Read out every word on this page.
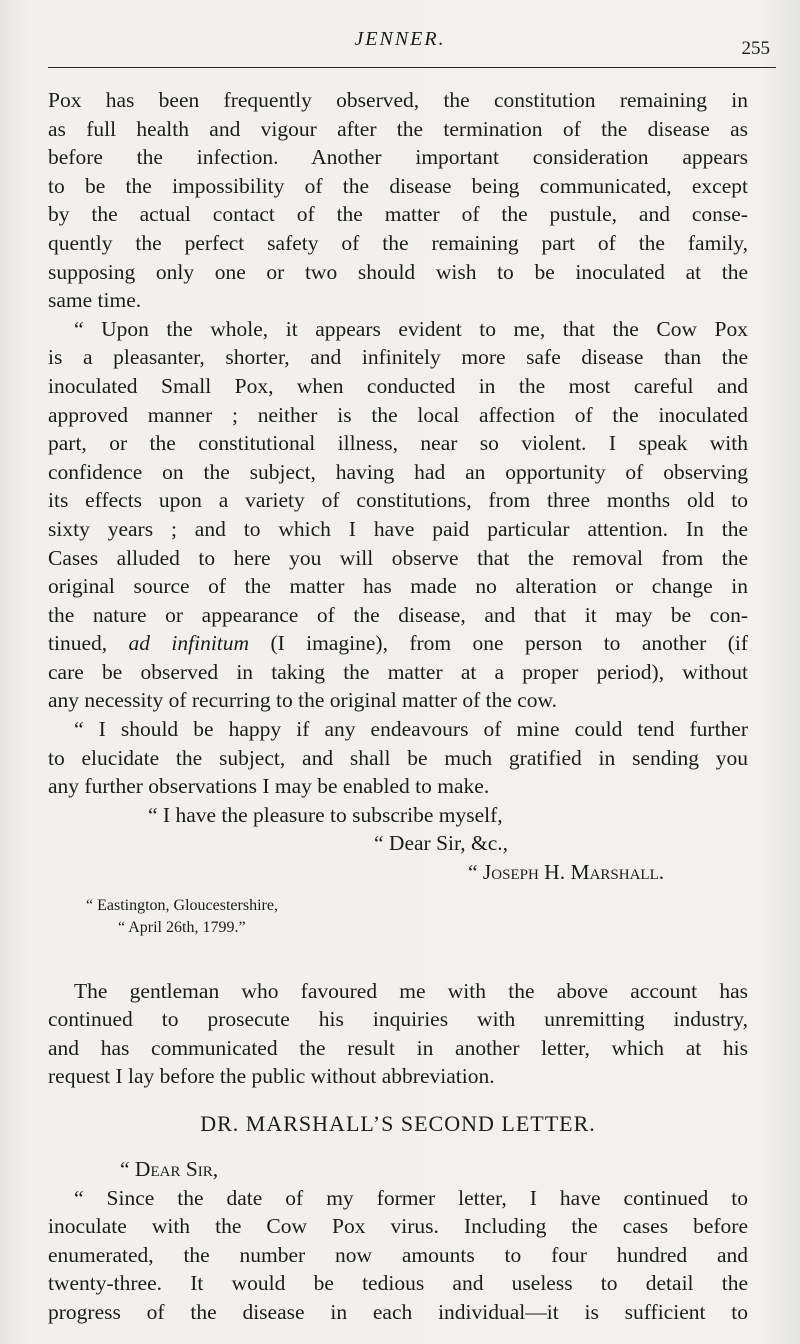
JENNER.	255
Pox has been frequently observed, the constitution remaining in
as full health and vigour after the termination of the disease as
before the infection. Another important consideration appears
to be the impossibility of the disease being communicated, except
by the actual contact of the matter of the pustule, and conse-
quently the perfect safety of the remaining part of the family,
supposing only one or two should wish to be inoculated at the
same time.
“ Upon the whole, it appears evident to me, that the Cow Pox
is a pleasanter, shorter, and infinitely more safe disease than the
inoculated Small Pox, when conducted in the most careful and
approved manner ; neither is the local affection of the inoculated
part, or the constitutional illness, near so violent. I speak with
confidence on the subject, having had an opportunity of observing
its effects upon a variety of constitutions, from three months old to
sixty years ; and to which I have paid particular attention. In the
Cases alluded to here you will observe that the removal from the
original source of the matter has made no alteration or change in
the nature or appearance of the disease, and that it may be con-
tinued, ad infinitum (I imagine), from one person to another (if
care be observed in taking the matter at a proper period), without
any necessity of recurring to the original matter of the cow.
“ I should be happy if any endeavours of mine could tend further
to elucidate the subject, and shall be much gratified in sending you
any further observations I may be enabled to make.
“ I have the pleasure to subscribe myself,
“ Dear Sir, &c.,
“ Joseph H. Marshall.
“ Eastington, Gloucestershire,
“ April 26th, 1799.”
The gentleman who favoured me with the above account has
continued to prosecute his inquiries with unremitting industry,
and has communicated the result in another letter, which at his
request I lay before the public without abbreviation.
DR. MARSHALL’S SECOND LETTER.
“ Dear Sir,
“ Since the date of my former letter, I have continued to
inoculate with the Cow Pox virus. Including the cases before
enumerated, the number now amounts to four hundred and
twenty-three. It would be tedious and useless to detail the
progress of the disease in each individual—it is sufficient to
